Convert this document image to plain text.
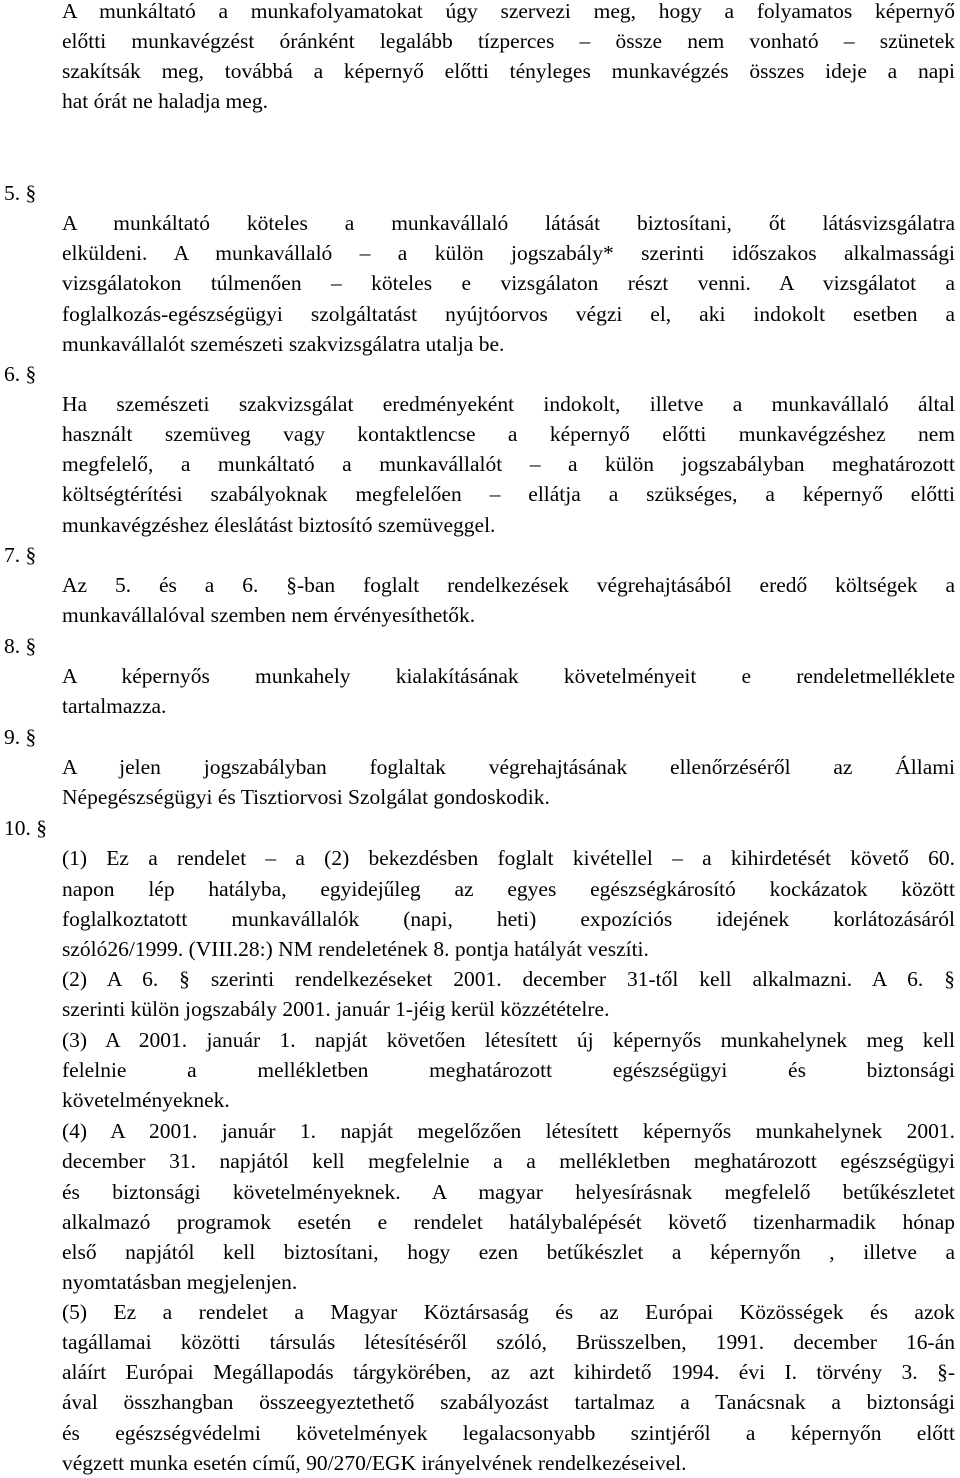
A munkáltató a munkafolyamatokat úgy szervezi meg, hogy a folyamatos képernyő
előtti munkavégzést óránként legalább tízperces – össze nem vonható – szünetek
szakítsák meg, továbbá a képernyő előtti tényleges munkavégzés összes ideje a napi
hat órát ne haladja meg.
5. §
A munkáltató köteles a munkavállaló látását biztosítani, őt látásvizsgálatra
elküldeni. A munkavállaló – a külön jogszabály* szerinti időszakos alkalmassági
vizsgálatokon túlmenően – köteles e vizsgálaton részt venni. A vizsgálatot a
foglalkozás-egészségügyi szolgáltatást nyújtóorvos végzi el, aki indokolt esetben a
munkavállalót szemészeti szakvizsgálatra utalja be.
6. §
Ha szemészeti szakvizsgálat eredményeként indokolt, illetve a munkavállaló által
használt szemüveg vagy kontaktlencse a képernyő előtti munkavégzéshez nem
megfelelő, a munkáltató a munkavállalót – a külön jogszabályban meghatározott
költségtérítési szabályoknak megfelelően – ellátja a szükséges, a képernyő előtti
munkavégzéshez éleslátást biztosító szemüveggel.
7. §
Az 5. és a 6. §-ban foglalt rendelkezések végrehajtásából eredő költségek a
munkavállalóval szemben nem érvényesíthetők.
8. §
A képernyős munkahely kialakításának követelményeit e rendeletmelléklete
tartalmazza.
9. §
A jelen jogszabályban foglaltak végrehajtásának ellenőrzéséről az Állami
Népegészségügyi és Tisztiorvosi Szolgálat gondoskodik.
10. §
(1) Ez a rendelet – a (2) bekezdésben foglalt kivétellel – a kihirdetését követő 60.
napon lép hatályba, egyidejűleg az egyes egészségkárosító kockázatok között
foglalkoztatott munkavállalók (napi, heti) expozíciós idejének korlátozásáról
szóló26/1999. (VIII.28:) NM rendeletének 8. pontja hatályát veszíti.
(2) A 6. § szerinti rendelkezéseket 2001. december 31-től kell alkalmazni. A 6. §
szerinti külön jogszabály 2001. január 1-jéig kerül közzétételre.
(3) A 2001. január 1. napját követően létesített új képernyős munkahelynek meg kell
felelnie a mellékletben meghatározott egészségügyi és biztonsági
követelményeknek.
(4) A 2001. január 1. napját megelőzően létesített képernyős munkahelynek 2001.
december 31. napjától kell megfelelnie a a mellékletben meghatározott egészségügyi
és biztonsági követelményeknek. A magyar helyesírásnak megfelelő betűkészletet
alkalmazó programok esetén e rendelet hatálybalépését követő tizenharmadik hónap
első napjától kell biztosítani, hogy ezen betűkészlet a képernyőn , illetve a
nyomtatásban megjelenjen.
(5) Ez a rendelet a Magyar Köztársaság és az Európai Közösségek és azok
tagállamai közötti társulás létesítéséről szóló, Brüsszelben, 1991. december 16-án
aláírt Európai Megállapodás tárgykörében, az azt kihirdető 1994. évi I. törvény 3. §-
ával összhangban összeegyeztethető szabályozást tartalmaz a Tanácsnak a biztonsági
és egészségvédelmi követelmények legalacsonyabb szintjéről a képernyőn előtt
végzett munka esetén című, 90/270/EGK irányelvének rendelkezéseivel.
